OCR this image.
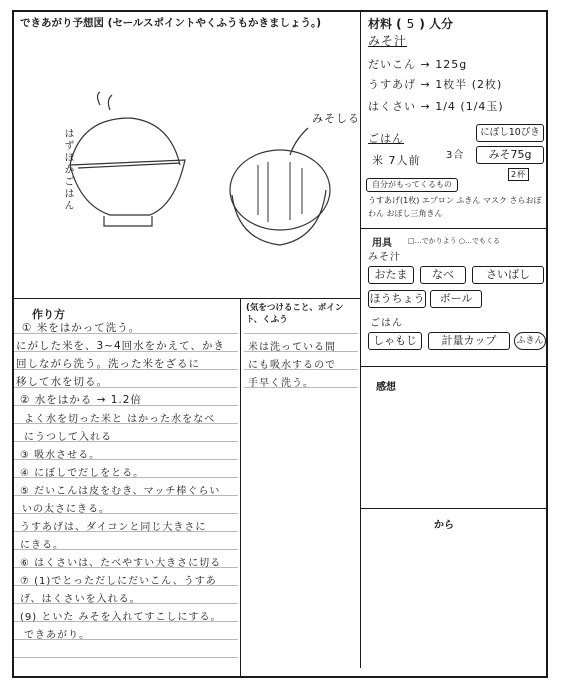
できあがり予想図 (セールスポイントやくふうもかきましょう。)	材料 ( 5 ) 人分
作り方	(気をつけること、ポイント、くふう
感想
から
用具
はずほかごはん
みそしる
みそ汁
だいこん → 125g
うすあげ → 1枚半 (2枚)
はくさい → 1/4 (1/4玉)
ごはん
米 7人前	3合
にぼし10ぴき
みそ75g
2杯
自分がもってくるもの
うすあげ(1枚) エプロン ふきん マスク さらおぼわん おぼし三角きん
□…でかりよう ○…でもくる
みそ汁
おたま	なべ	さいばし
ほうちょう	ボール
ごはん
しゃもじ	計量カップ	ふきん
① 米をはかって洗う。
にがした米を、3~4回水をかえて、かき
回しながら洗う。洗った米をざるに
移して水を切る。
② 水をはかる → 1.2倍
よく水を切った米と はかった水をなべ
にうつして入れる
③ 吸水させる。
④ にぼしでだしをとる。
⑤ だいこんは皮をむき、マッチ棒ぐらい
いの太さにきる。
うすあげは、ダイコンと同じ大きさに
にきる。
⑥ はくさいは、たべやすい大きさに切る
⑦ (1)でとっただしにだいこん、うすあ
げ、はくさいを入れる。
(9) といた みそを入れてすこしにする。
できあがり。
米は洗っている間
にも吸水するので
手早く洗う。
